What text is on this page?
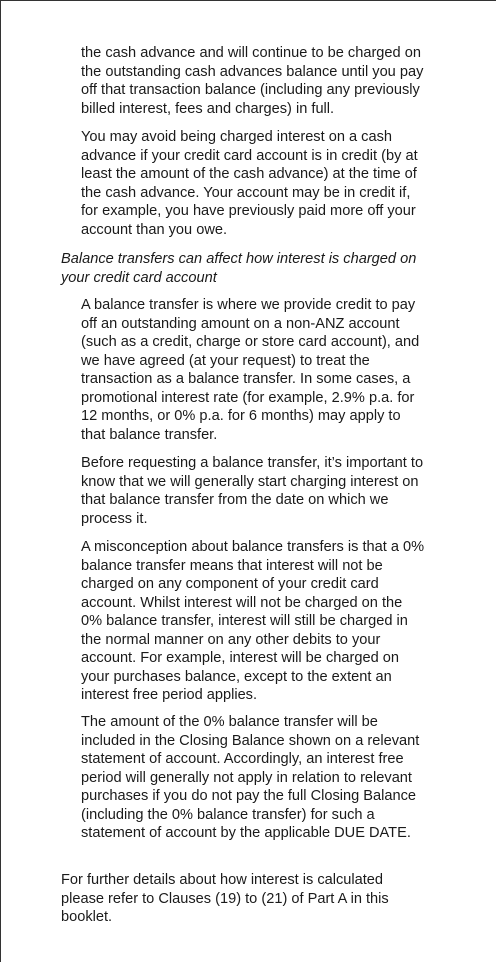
the cash advance and will continue to be charged on the outstanding cash advances balance until you pay off that transaction balance (including any previously billed interest, fees and charges) in full.

You may avoid being charged interest on a cash advance if your credit card account is in credit (by at least the amount of the cash advance) at the time of the cash advance. Your account may be in credit if, for example, you have previously paid more off your account than you owe.

Balance transfers can affect how interest is charged on your credit card account

A balance transfer is where we provide credit to pay off an outstanding amount on a non-ANZ account (such as a credit, charge or store card account), and we have agreed (at your request) to treat the transaction as a balance transfer. In some cases, a promotional interest rate (for example, 2.9% p.a. for 12 months, or 0% p.a. for 6 months) may apply to that balance transfer.

Before requesting a balance transfer, it’s important to know that we will generally start charging interest on that balance transfer from the date on which we process it.

A misconception about balance transfers is that a 0% balance transfer means that interest will not be charged on any component of your credit card account. Whilst interest will not be charged on the 0% balance transfer, interest will still be charged in the normal manner on any other debits to your account. For example, interest will be charged on your purchases balance, except to the extent an interest free period applies.

The amount of the 0% balance transfer will be included in the Closing Balance shown on a relevant statement of account. Accordingly, an interest free period will generally not apply in relation to relevant purchases if you do not pay the full Closing Balance (including the 0% balance transfer) for such a statement of account by the applicable DUE DATE.

For further details about how interest is calculated please refer to Clauses (19) to (21) of Part A in this booklet.
